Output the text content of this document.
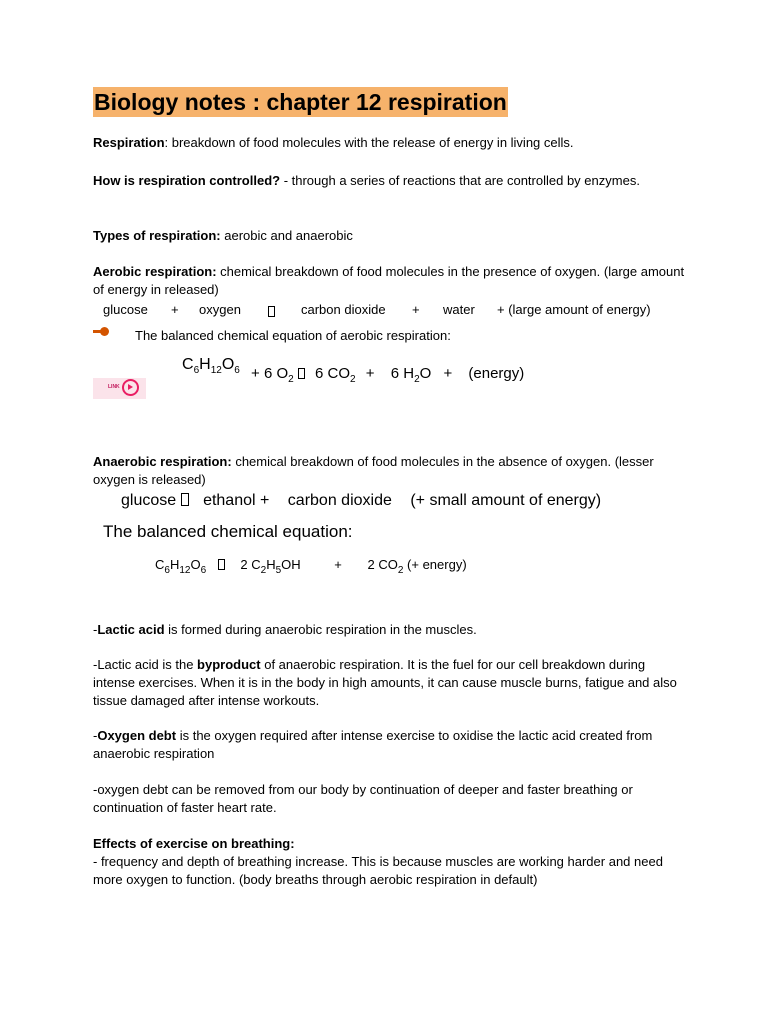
Biology notes : chapter 12 respiration

Respiration: breakdown of food molecules with the release of energy in living cells.

How is respiration controlled? - through a series of reactions that are controlled by enzymes.

Types of respiration: aerobic and anaerobic

Aerobic respiration: chemical breakdown of food molecules in the presence of oxygen. (large amount of energy in released)

glucose + oxygen	carbon dioxide + water + (large amount of energy)
The balanced chemical equation of aerobic respiration:
$C_6H_{12}O_6 + 6$ $O_2$ 6 $CO_2 + 6$ $H_2O$ + (energy)
LINK

Anaerobic respiration: chemical breakdown of food molecules in the absence of oxygen. (lesser oxygen is released)

glucose ethanol + carbon dioxide (+ small amount of energy)
The balanced chemical equation:
$C_6H_{12}O_6$	2 $C_2H_5OH$	+ 2 $CO_2$ (+ energy)

-Lactic acid is formed during anaerobic respiration in the muscles.

-Lactic acid is the byproduct of anaerobic respiration. It is the fuel for our cell breakdown during intense exercises. When it is in the body in high amounts, it can cause muscle burns, fatigue and also tissue damaged after intense workouts.

-Oxygen debt is the oxygen required after intense exercise to oxidise the lactic acid created from anaerobic respiration

-oxygen debt can be removed from our body by continuation of deeper and faster breathing or continuation of faster heart rate.

Effects of exercise on breathing:

- frequency and depth of breathing increase. This is because muscles are working harder and need more oxygen to function. (body breaths through aerobic respiration in default)
